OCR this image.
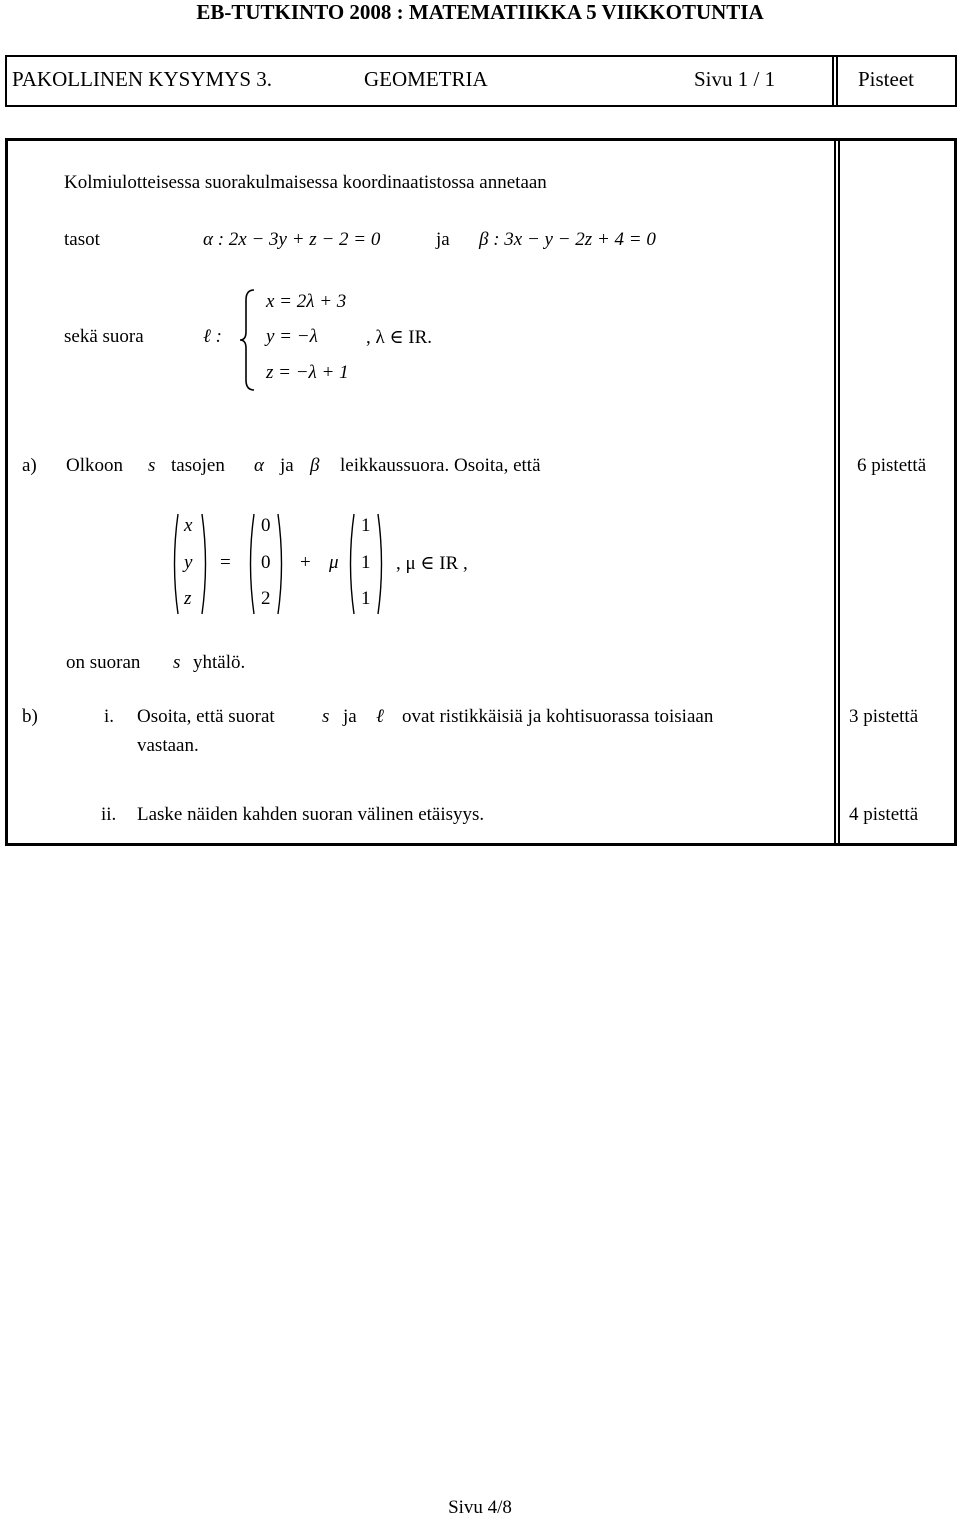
EB-TUTKINTO 2008 : MATEMATIIKKA 5 VIIKKOTUNTIA
PAKOLLINEN KYSYMYS 3.	GEOMETRIA	Sivu 1 / 1	Pisteet
Kolmiulotteisessa suorakulmaisessa koordinaatistossa annetaan
tasot	α : 2x − 3y + z − 2 = 0	ja β : 3x − y − 2z + 4 = 0
sekä suora	ℓ :
x = 2λ + 3
y = −λ
z = −λ + 1
, λ ∈ IR.
a) Olkoon s tasojen α ja β leikkaussuora. Osoita, että	6 pistettä
x
y
z
=
0
0
2
+ μ
1
1
1
, μ ∈ IR ,
on suoran s yhtälö.
b)	i. Osoita, että suorat s ja ℓ ovat ristikkäisiä ja kohtisuorassa toisiaan
vastaan.
3 pistettä
ii. Laske näiden kahden suoran välinen etäisyys.	4 pistettä
Sivu 4/8
